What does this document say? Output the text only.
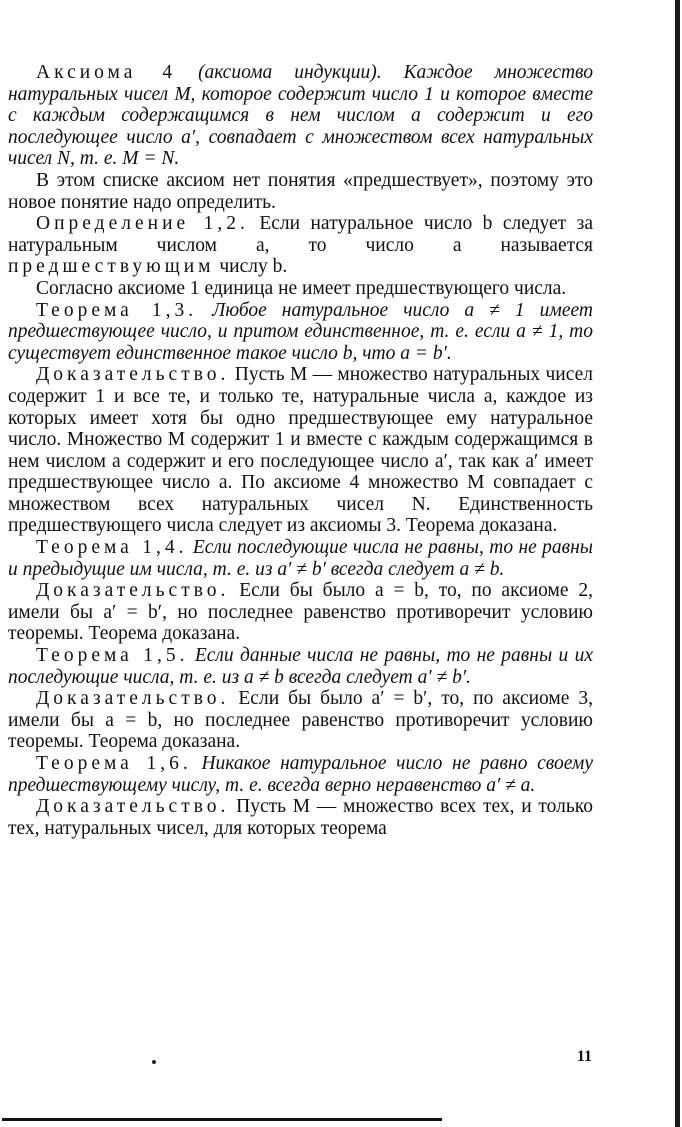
Аксиома 4 (аксиома индукции). Каждое множество натуральных чисел M, которое содержит число 1 и которое вместе с каждым содержащимся в нем числом a содержит и его последующее число a′, совпадает с множеством всех натуральных чисел N, т. е. M = N.

В этом списке аксиом нет понятия «предшествует», поэтому это новое понятие надо определить.

Определение 1,2. Если натуральное число b следует за натуральным числом a, то число a называется предшествующим числу b.

Согласно аксиоме 1 единица не имеет предшествующего числа.

Теорема 1,3. Любое натуральное число a ≠ 1 имеет предшествующее число, и притом единственное, т. е. если a ≠ 1, то существует единственное такое число b, что a = b′.

Доказательство. Пусть M — множество натуральных чисел содержит 1 и все те, и только те, натуральные числа a, каждое из которых имеет хотя бы одно предшествующее ему натуральное число. Множество M содержит 1 и вместе с каждым содержащимся в нем числом a содержит и его последующее число a′, так как a′ имеет предшествующее число a. По аксиоме 4 множество M совпадает с множеством всех натуральных чисел N. Единственность предшествующего числа следует из аксиомы 3. Теорема доказана.

Теорема 1,4. Если последующие числа не равны, то не равны и предыдущие им числа, т. е. из a′ ≠ b′ всегда следует a ≠ b.

Доказательство. Если бы было a = b, то, по аксиоме 2, имели бы a′ = b′, но последнее равенство противоречит условию теоремы. Теорема доказана.

Теорема 1,5. Если данные числа не равны, то не равны и их последующие числа, т. е. из a ≠ b всегда следует a′ ≠ b′.

Доказательство. Если бы было a′ = b′, то, по аксиоме 3, имели бы a = b, но последнее равенство противоречит условию теоремы. Теорема доказана.

Теорема 1,6. Никакое натуральное число не равно своему предшествующему числу, т. е. всегда верно неравенство a′ ≠ a.

Доказательство. Пусть M — множество всех тех, и только тех, натуральных чисел, для которых теорема

11
